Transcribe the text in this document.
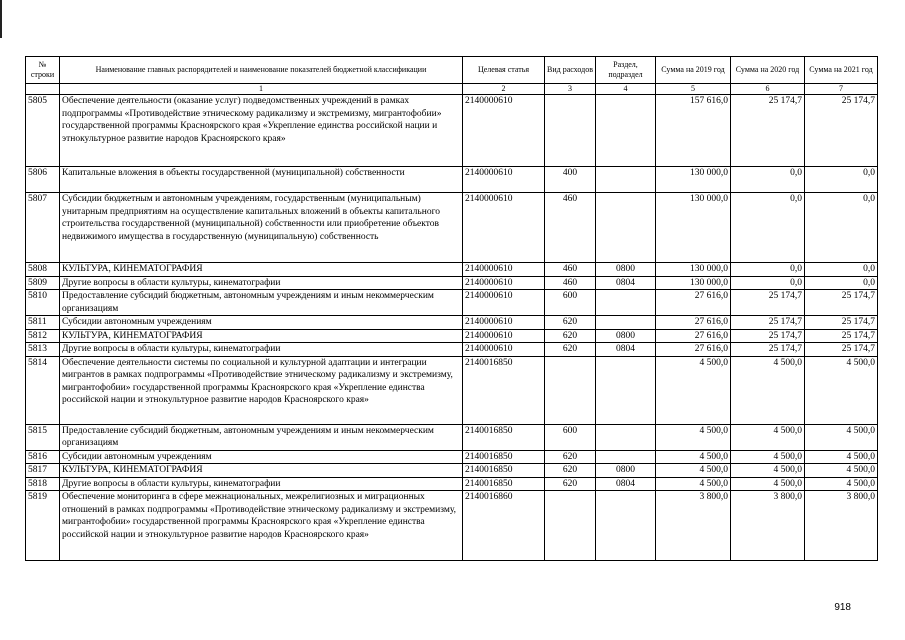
№ строки	Наименование главных распорядителей и наименование показателей бюджетной классификации	Целевая статья	Вид расходов	Раздел, подраздел	Сумма на 2019 год	Сумма на 2020 год	Сумма на 2021 год
	1	2	3	4	5	6	7
5805	Обеспечение деятельности (оказание услуг) подведомственных учреждений в рамках подпрограммы «Противодействие этническому радикализму и экстремизму, мигрантофобии» государственной программы Красноярского края «Укрепление единства российской нации и этнокультурное развитие народов Красноярского края»	2140000610			157 616,0	25 174,7	25 174,7
5806	Капитальные вложения в объекты государственной (муниципальной) собственности	2140000610	400		130 000,0	0,0	0,0
5807	Субсидии бюджетным и автономным учреждениям, государственным (муниципальным) унитарным предприятиям на осуществление капитальных вложений в объекты капитального строительства государственной (муниципальной) собственности или приобретение объектов недвижимого имущества в государственную (муниципальную) собственность	2140000610	460		130 000,0	0,0	0,0
5808	КУЛЬТУРА, КИНЕМАТОГРАФИЯ	2140000610	460	0800	130 000,0	0,0	0,0
5809	Другие вопросы в области культуры, кинематографии	2140000610	460	0804	130 000,0	0,0	0,0
5810	Предоставление субсидий бюджетным, автономным учреждениям и иным некоммерческим организациям	2140000610	600		27 616,0	25 174,7	25 174,7
5811	Субсидии автономным учреждениям	2140000610	620		27 616,0	25 174,7	25 174,7
5812	КУЛЬТУРА, КИНЕМАТОГРАФИЯ	2140000610	620	0800	27 616,0	25 174,7	25 174,7
5813	Другие вопросы в области культуры, кинематографии	2140000610	620	0804	27 616,0	25 174,7	25 174,7
5814	Обеспечение деятельности системы по социальной и культурной адаптации и интеграции мигрантов в рамках подпрограммы «Противодействие этническому радикализму и экстремизму, мигрантофобии» государственной программы Красноярского края «Укрепление единства российской нации и этнокультурное развитие народов Красноярского края»	2140016850			4 500,0	4 500,0	4 500,0
5815	Предоставление субсидий бюджетным, автономным учреждениям и иным некоммерческим организациям	2140016850	600		4 500,0	4 500,0	4 500,0
5816	Субсидии автономным учреждениям	2140016850	620		4 500,0	4 500,0	4 500,0
5817	КУЛЬТУРА, КИНЕМАТОГРАФИЯ	2140016850	620	0800	4 500,0	4 500,0	4 500,0
5818	Другие вопросы в области культуры, кинематографии	2140016850	620	0804	4 500,0	4 500,0	4 500,0
5819	Обеспечение мониторинга в сфере межнациональных, межрелигиозных и миграционных отношений в рамках подпрограммы «Противодействие этническому радикализму и экстремизму, мигрантофобии» государственной программы Красноярского края «Укрепление единства российской нации и этнокультурное развитие народов Красноярского края»	2140016860			3 800,0	3 800,0	3 800,0
918
